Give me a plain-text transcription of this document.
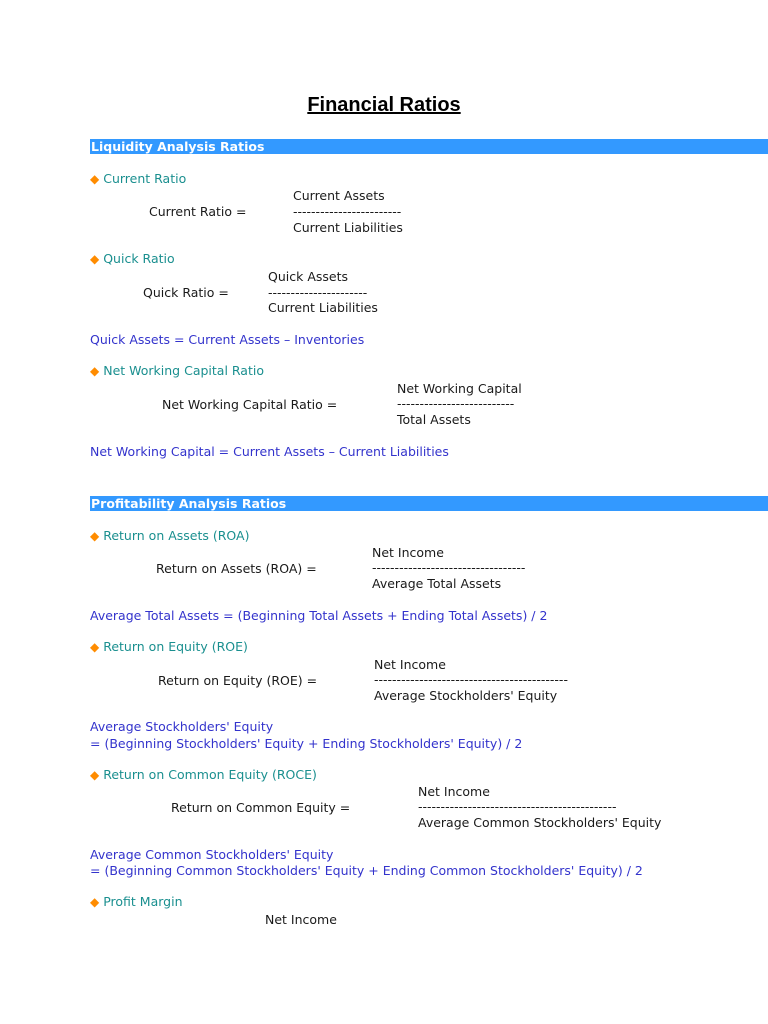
Financial Ratios
Liquidity Analysis Ratios
◆ Current Ratio
Current Assets
Current Ratio =	------------------------
Current Liabilities
◆ Quick Ratio
Quick Assets
Quick Ratio =	----------------------
Current Liabilities
Quick Assets = Current Assets – Inventories
◆ Net Working Capital Ratio
Net Working Capital
Net Working Capital Ratio =	--------------------------
Total Assets
Net Working Capital = Current Assets – Current Liabilities
Profitability Analysis Ratios
◆ Return on Assets (ROA)
Net Income
Return on Assets (ROA) =	----------------------------------
Average Total Assets
Average Total Assets = (Beginning Total Assets + Ending Total Assets) / 2
◆ Return on Equity (ROE)
Net Income
Return on Equity (ROE) =	-------------------------------------------
Average Stockholders' Equity
Average Stockholders' Equity
= (Beginning Stockholders' Equity + Ending Stockholders' Equity) / 2
◆ Return on Common Equity (ROCE)
Net Income
Return on Common Equity =	--------------------------------------------
Average Common Stockholders' Equity
Average Common Stockholders' Equity
= (Beginning Common Stockholders' Equity + Ending Common Stockholders' Equity) / 2
◆ Profit Margin
Net Income
